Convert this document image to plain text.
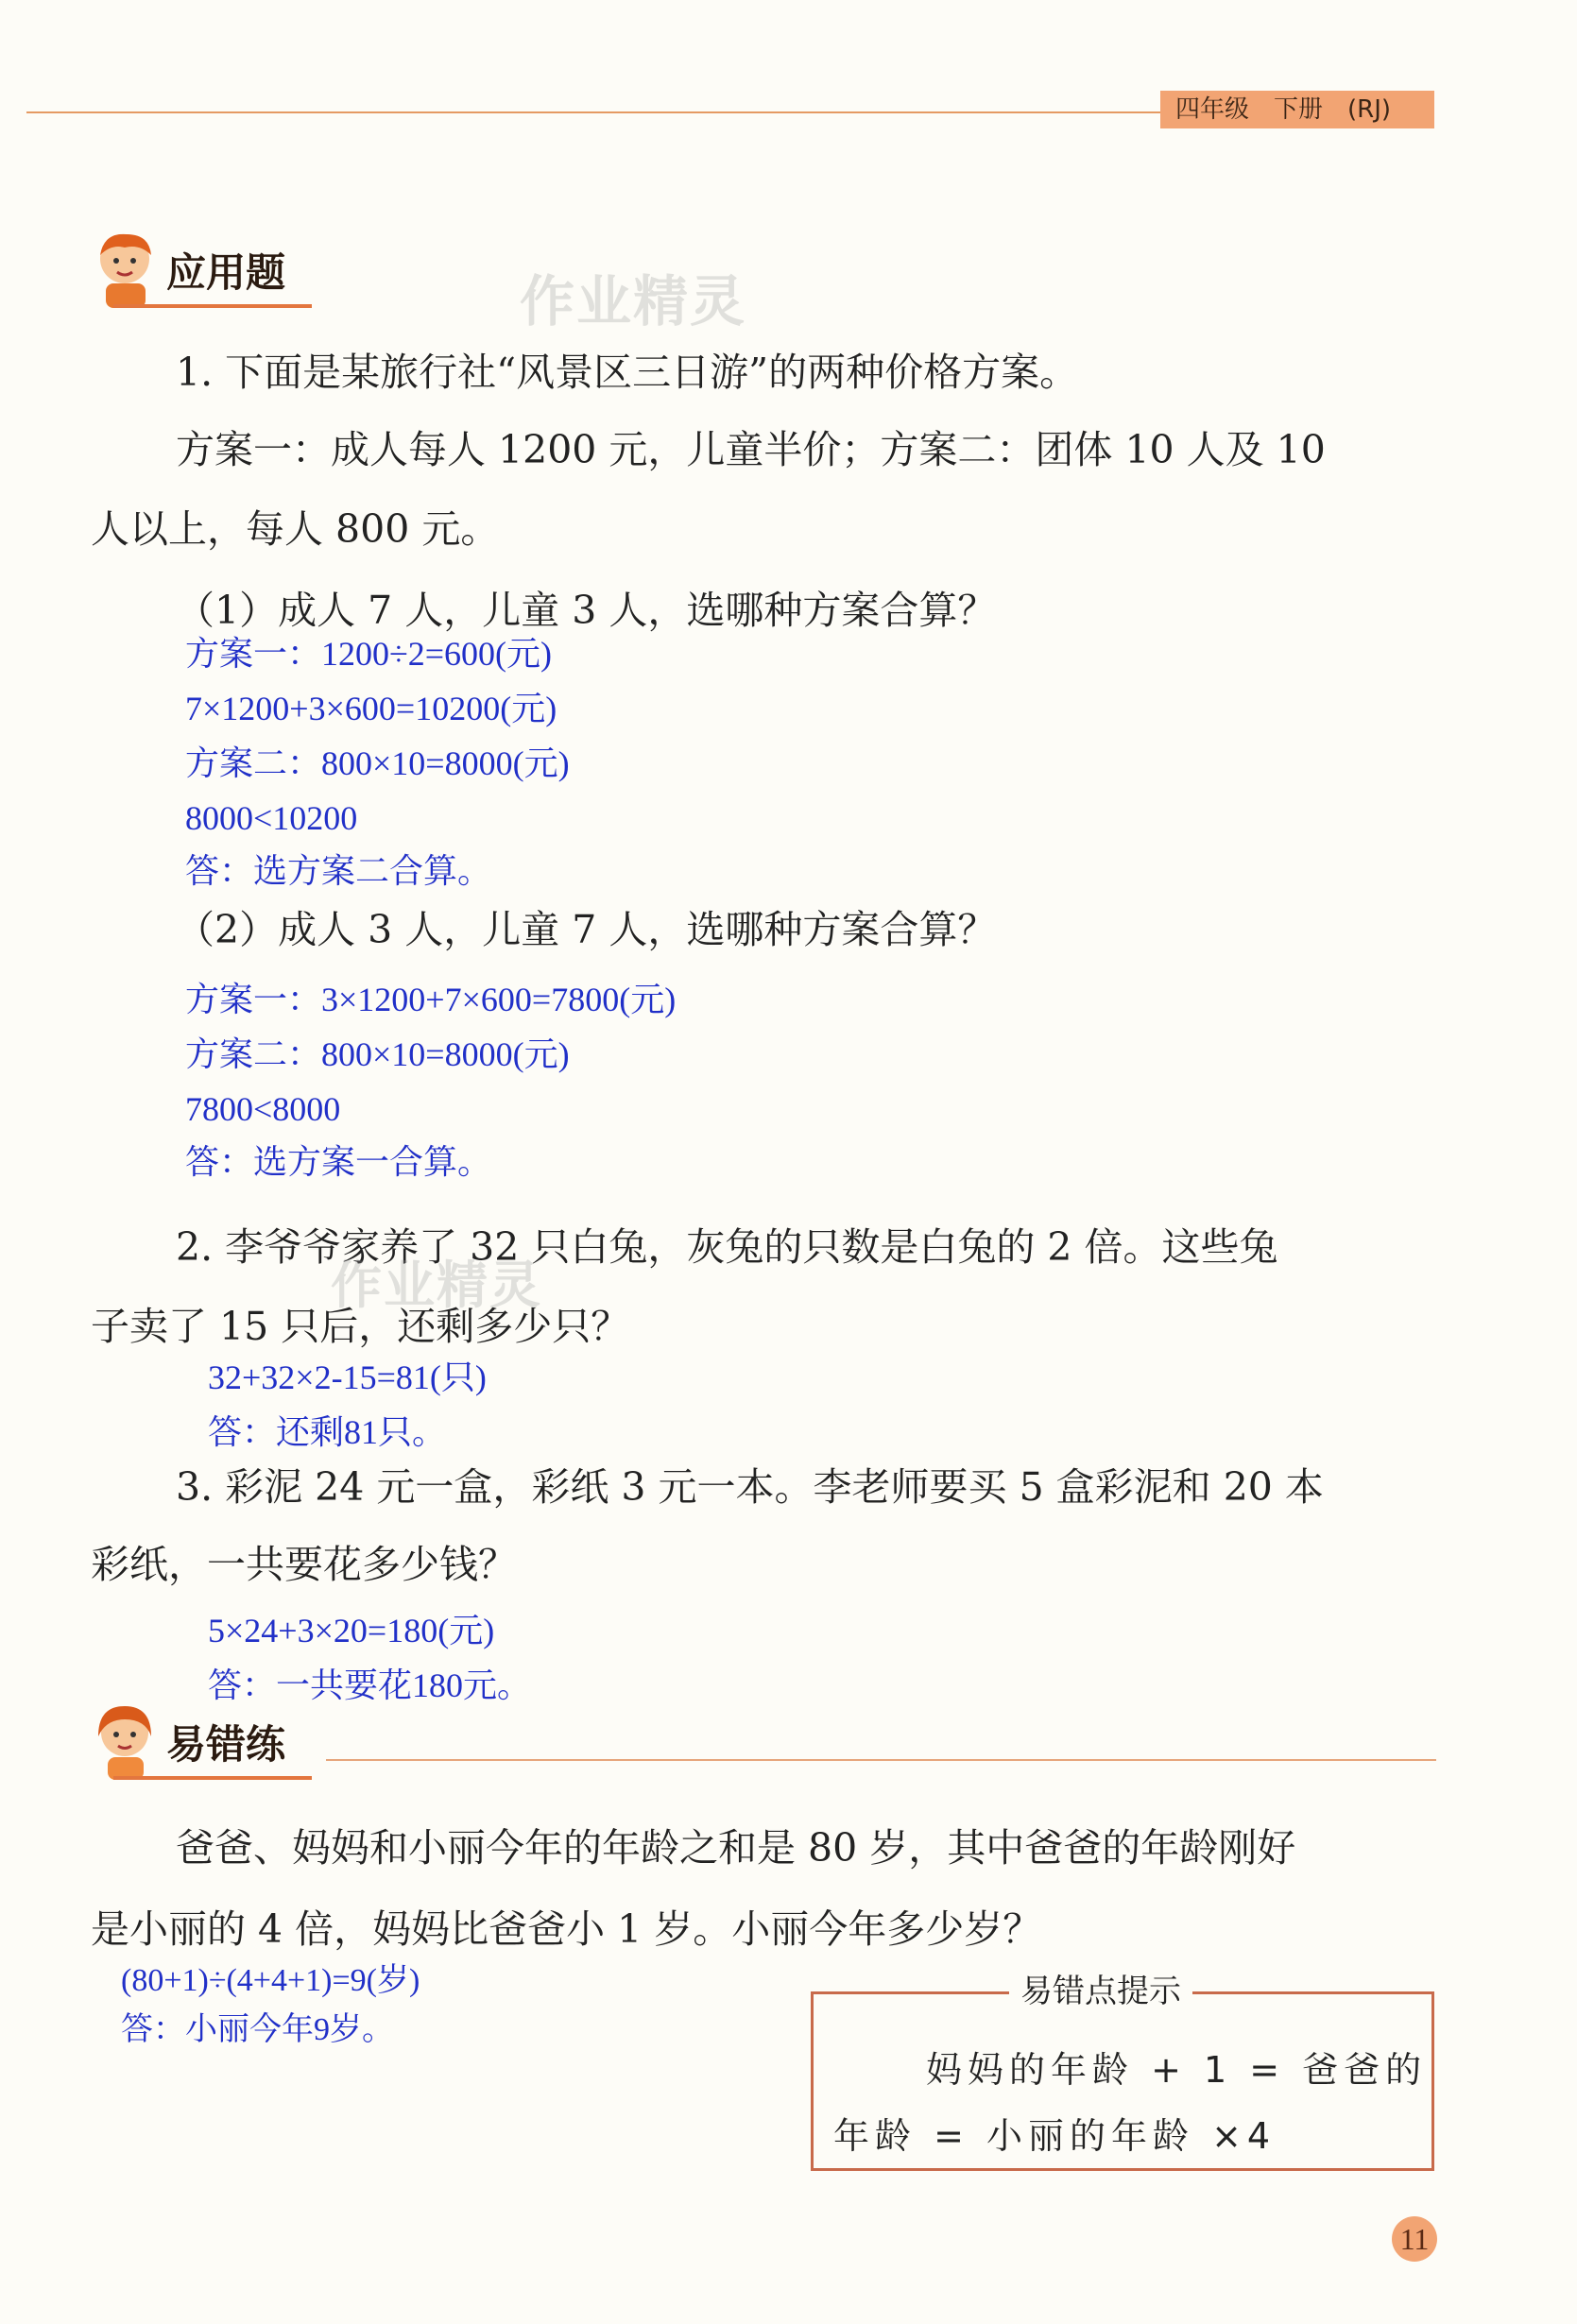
四年级　下册　(RJ)
应用题	作业精灵
1. 下面是某旅行社“风景区三日游”的两种价格方案。
方案一：成人每人 1200 元，儿童半价；方案二：团体 10 人及 10
人以上，每人 800 元。
（1）成人 7 人，儿童 3 人，选哪种方案合算？
方案一：1200÷2=600(元)
7×1200+3×600=10200(元)
方案二：800×10=8000(元)
8000<10200
答：选方案二合算。
（2）成人 3 人，儿童 7 人，选哪种方案合算？
方案一：3×1200+7×600=7800(元)
方案二：800×10=8000(元)
7800<8000
答：选方案一合算。
2. 李爷爷家养了 32 只白兔，灰兔的只数是白兔的 2 倍。这些兔
作业精灵
子卖了 15 只后，还剩多少只？
32+32×2-15=81(只)
答：还剩81只。
3. 彩泥 24 元一盒，彩纸 3 元一本。李老师要买 5 盒彩泥和 20 本
彩纸，一共要花多少钱？
5×24+3×20=180(元)
答：一共要花180元。
易错练
爸爸、妈妈和小丽今年的年龄之和是 80 岁，其中爸爸的年龄刚好
是小丽的 4 倍，妈妈比爸爸小 1 岁。小丽今年多少岁？
(80+1)÷(4+4+1)=9(岁)
答：小丽今年9岁。
易错点提示
妈妈的年龄 + 1 = 爸爸的
年龄 = 小丽的年龄 ×4
11
